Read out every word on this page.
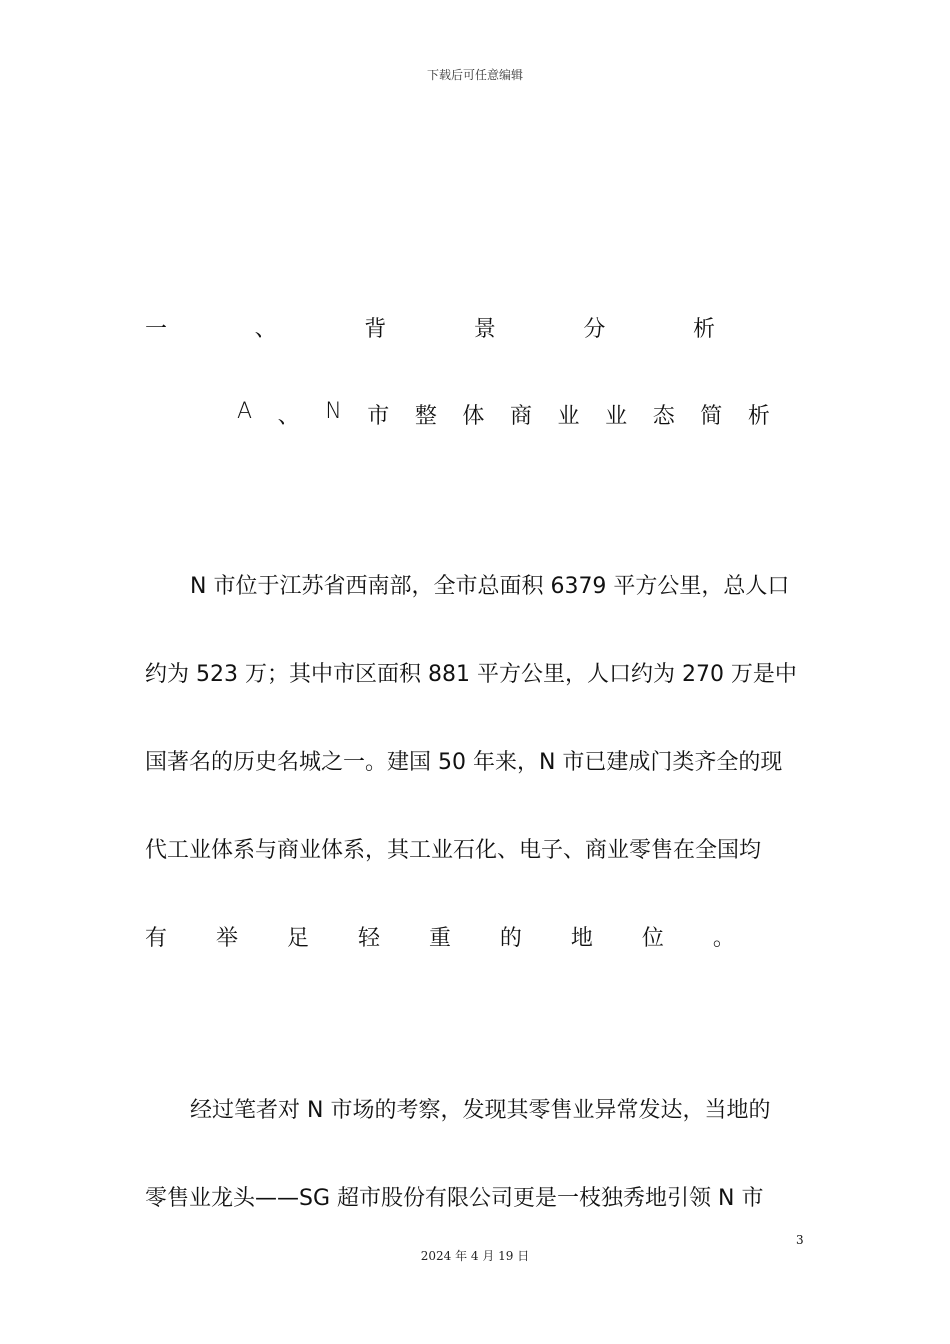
下载后可任意编辑
一	、	背	景	分	析
A 、 N 市 整 体 商 业 业 态 简 析
N 市位于江苏省西南部，全市总面积 6379 平方公里，总人口
约为 523 万；其中市区面积 881 平方公里，人口约为 270 万是中
国著名的历史名城之一。建国 50 年来，N 市已建成门类齐全的现
代工业体系与商业体系，其工业石化、电子、商业零售在全国均
有 举 足 轻 重 的 地 位 。
经过笔者对 N 市场的考察，发现其零售业异常发达，当地的
零售业龙头——SG 超市股份有限公司更是一枝独秀地引领 N 市
3
2024 年 4 月 19 日
